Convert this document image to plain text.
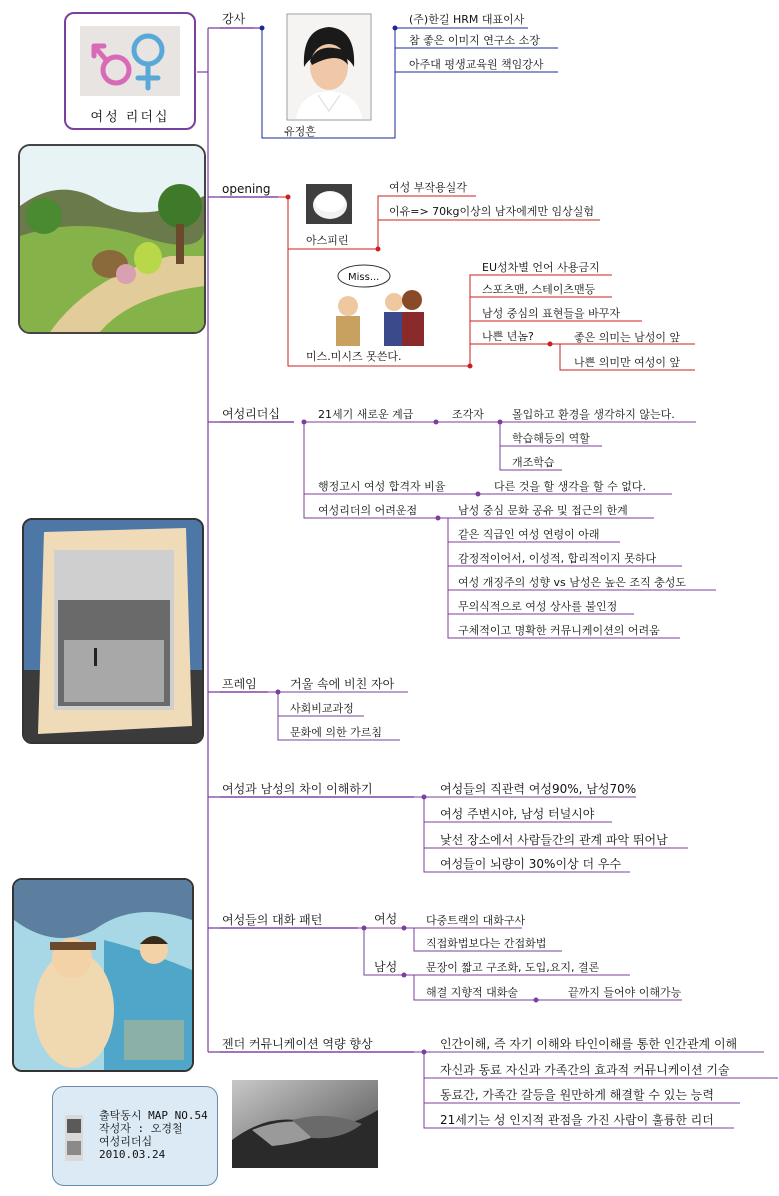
여성 리더십
강사
유정흔
(주)한길 HRM 대표이사
참 좋은 이미지 연구소 소장
아주대 평생교육원 책임강사
opening
아스피린
여성 부작용실각
이유=> 70kg이상의 남자에게만 임상실험
Miss...
미스.미시즈 못쓴다.
EU성차별 언어 사용금지
스포츠맨, 스테이츠맨등
남성 중심의 표현들을 바꾸자
나쁜 년놈?	좋은 의미는 남성이 앞
나쁜 의미만 여성이 앞
여성리더십	21세기 새로운 계급	조각자	몰입하고 환경을 생각하지 않는다.
학습해등의 역할
개조학습
행정고시 여성 합격자 비율	다른 것을 할 생각을 할 수 없다.
여성리더의 어려운점	남성 중심 문화 공유 및 접근의 한계
같은 직급인 여성 연령이 아래
감정적이어서, 이성적, 합리적이지 못하다
여성 개징주의 성향 vs 남성은 높은 조직 충성도
무의식적으로 여성 상사를 불인정
구체적이고 명확한 커뮤니케이션의 어려움
프레임	거울 속에 비친 자아
사회비교과정
문화에 의한 가르침
여성과 남성의 차이 이해하기	여성들의 직관력 여성90%, 남성70%
여성 주변시야, 남성 터널시야
낯선 장소에서 사람들간의 관계 파악 뛰어남
여성들이 뇌량이 30%이상 더 우수
여성들의 대화 패턴	여성	다중트랙의 대화구사
직접화법보다는 간접화법
남성	문장이 짧고 구조화, 도입,요지, 결론
해결 지향적 대화술	끝까지 들어야 이해가능
젠더 커뮤니케이션 역량 향상	인간이해, 즉 자기 이해와 타인이해를 통한 인간관계 이해
자신과 동료 자신과 가족간의 효과적 커뮤니케이션 기술
동료간, 가족간 갈등을 원만하게 해결할 수 있는 능력
21세기는 성 인지적 관점을 가진 사람이 훌륭한 리더
출탁동시 MAP NO.54
작성자 : 오경철
여성리더십
2010.03.24
